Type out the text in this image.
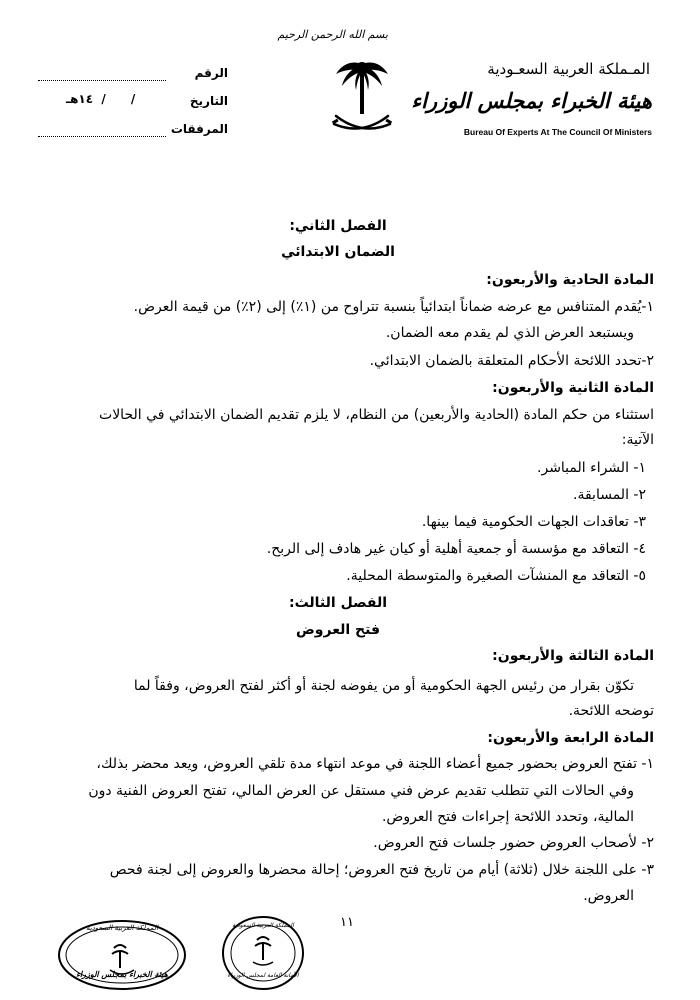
بسم الله الرحمن الرحيم
المـملكة العربية السعـودية
هيئة الخبراء بمجلس الوزراء
Bureau Of Experts At The Council Of Ministers
الرقم
التاريخ
/      /  ١٤هـ
المرفقات
الفصل الثاني:
الضمان الابتدائي
المادة الحادية والأربعون:
١-يُقدم المتنافس مع عرضه ضماناً ابتدائياً بنسبة تتراوح من (١٪) إلى (٢٪) من قيمة العرض.
ويستبعد العرض الذي لم يقدم معه الضمان.
٢-تحدد اللائحة الأحكام المتعلقة بالضمان الابتدائي.
المادة الثانية والأربعون:
استثناء من حكم المادة (الحادية والأربعين) من النظام، لا يلزم تقديم الضمان الابتدائي في الحالات
الآتية:
١- الشراء المباشر.
٢- المسابقة.
٣- تعاقدات الجهات الحكومية فيما بينها.
٤- التعاقد مع مؤسسة أو جمعية أهلية أو كيان غير هادف إلى الربح.
٥- التعاقد مع المنشآت الصغيرة والمتوسطة المحلية.
الفصل الثالث:
فتح العروض
المادة الثالثة والأربعون:
تكوّن بقرار من رئيس الجهة الحكومية أو من يفوضه لجنة أو أكثر لفتح العروض، وفقاً لما
توضحه اللائحة.
المادة الرابعة والأربعون:
١- تفتح العروض بحضور جميع أعضاء اللجنة في موعد انتهاء مدة تلقي العروض، ويعد محضر بذلك،
وفي الحالات التي تتطلب تقديم عرض فني مستقل عن العرض المالي، تفتح العروض الفنية دون
المالية، وتحدد اللائحة إجراءات فتح العروض.
٢- لأصحاب العروض حضور جلسات فتح العروض.
٣- على اللجنة خلال (ثلاثة) أيام من تاريخ فتح العروض؛ إحالة محضرها والعروض إلى لجنة فحص
العروض.
١١
المملكة العربية السعودية
هيئة الخبراء بمجلس الوزراء
المملكة العربية السعودية
الأمانة العامة لمجلس الوزراء
